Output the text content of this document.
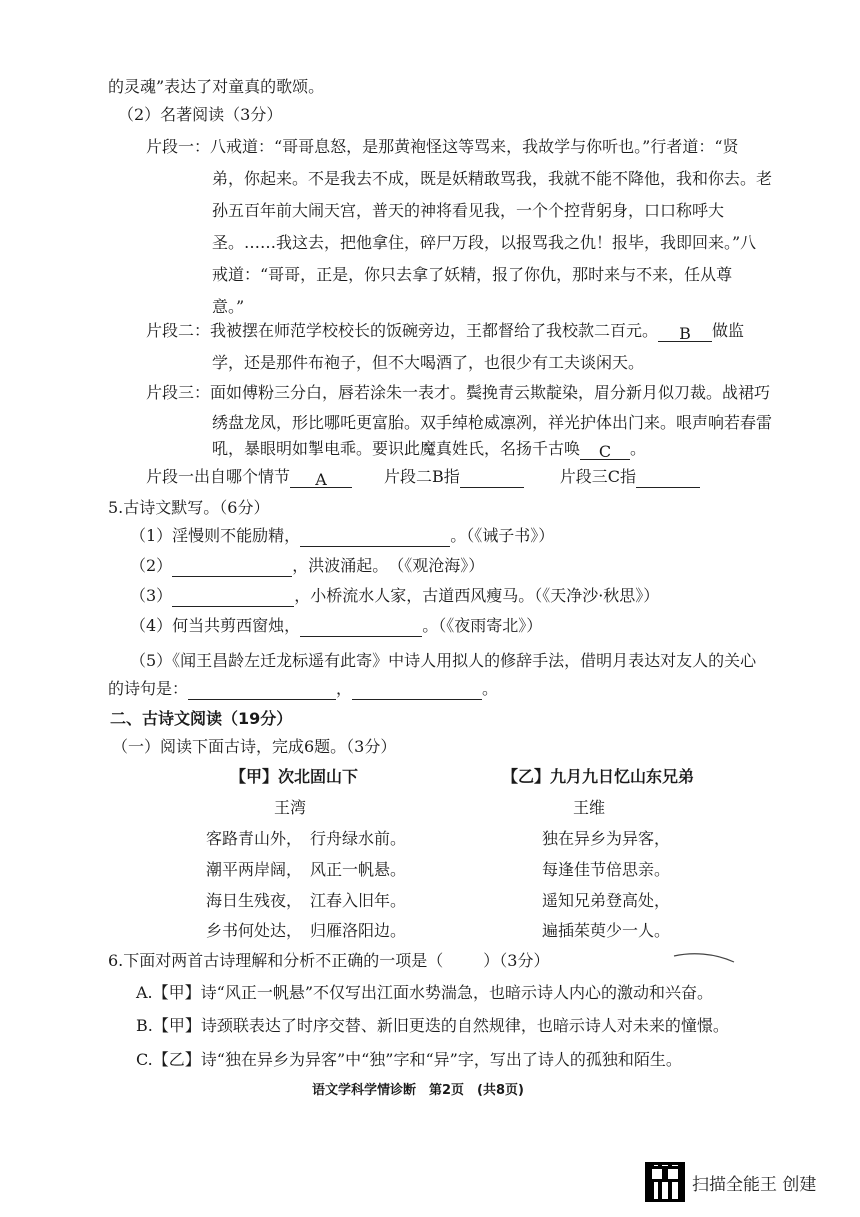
的灵魂”表达了对童真的歌颂。
（2）名著阅读（3分）
片段一：八戒道：“哥哥息怒，是那黄袍怪这等骂来，我故学与你听也。”行者道：“贤
弟，你起来。不是我去不成，既是妖精敢骂我，我就不能不降他，我和你去。老
孙五百年前大闹天宫，普天的神将看见我，一个个控背躬身，口口称呼大
圣。……我这去，把他拿住，碎尸万段，以报骂我之仇！报毕，我即回来。”八
戒道：“哥哥，正是，你只去拿了妖精，报了你仇，那时来与不来，任从尊
意。”
片段二：我被摆在师范学校校长的饭碗旁边，王都督给了我校款二百元。 B 做监
学，还是那件布袍子，但不大喝酒了，也很少有工夫谈闲天。
片段三：面如傅粉三分白，唇若涂朱一表才。鬓挽青云欺靛染，眉分新月似刀裁。战裙巧
绣盘龙凤，形比哪吒更富胎。双手绰枪威凛冽，祥光护体出门来。哏声响若春雷
吼，暴眼明如掣电乖。要识此魔真姓氏，名扬千古唤 C 。
片段一出自哪个情节 A	片段二B指	片段三C指
5.古诗文默写。（6分）
（1）淫慢则不能励精，	。（《诫子书》）
（2）	，洪波涌起。　（《观沧海》）
（3）	，小桥流水人家，古道西风瘦马。（《天净沙·秋思》）
（4）何当共剪西窗烛，	。（《夜雨寄北》）
（5）《闻王昌龄左迁龙标遥有此寄》中诗人用拟人的修辞手法，借明月表达对友人的关心
的诗句是：	，	。
二、古诗文阅读（19分）
（一）阅读下面古诗，完成6题。（3分）
【甲】次北固山下
王湾
客路青山外，　行舟绿水前。
潮平两岸阔，　风正一帆悬。
海日生残夜，　江春入旧年。
乡书何处达，　归雁洛阳边。
【乙】九月九日忆山东兄弟
王维
独在异乡为异客，
每逢佳节倍思亲。
遥知兄弟登高处，
遍插茱萸少一人。
6.下面对两首古诗理解和分析不正确的一项是（	）（3分）
A.【甲】诗“风正一帆悬”不仅写出江面水势湍急，也暗示诗人内心的激动和兴奋。
B.【甲】诗颈联表达了时序交替、新旧更迭的自然规律，也暗示诗人对未来的憧憬。
C.【乙】诗“独在异乡为异客”中“独”字和“异”字，写出了诗人的孤独和陌生。
语文学科学情诊断　第2页　(共8页)
扫描全能王 创建
